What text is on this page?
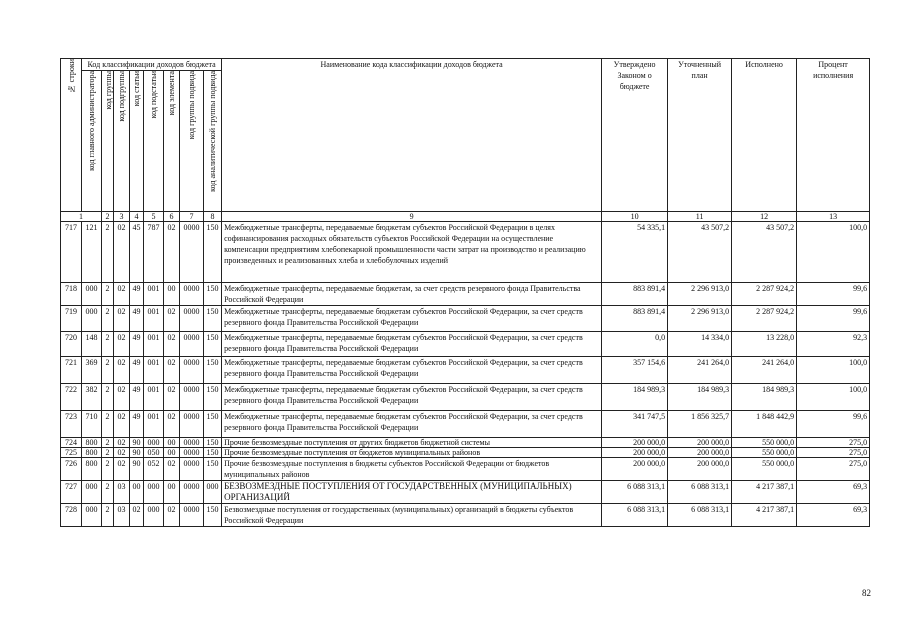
№ строки	Код классификации доходов бюджета								Наименование кода классификации доходов бюджета	Утверждено Законом о бюджете	Уточненный план	Исполнено	Процент исполнения

	код главного администратора	код группы	код подгруппы	код статьи	код подстатьи	код элемента	код группы подвида	код аналитической группы подвида					

1		2	3	4	5	6	7	8	9	10	11	12	13
717	121	2	02	45	787	02	0000	150	Межбюджетные трансферты, передаваемые бюджетам субъектов Российской Федерации в целях софинансирования расходных обязательств субъектов Российской Федерации на осуществление компенсации предприятиям хлебопекарной промышленности части затрат на производство и реализацию произведенных и реализованных хлеба и хлебобулочных изделий	54 335,1	43 507,2	43 507,2	100,0
718	000	2	02	49	001	00	0000	150	Межбюджетные трансферты, передаваемые бюджетам, за счет средств резервного фонда Правительства Российской Федерации	883 891,4	2 296 913,0	2 287 924,2	99,6
719	000	2	02	49	001	02	0000	150	Межбюджетные трансферты, передаваемые бюджетам субъектов Российской Федерации, за счет средств резервного фонда Правительства Российской Федерации	883 891,4	2 296 913,0	2 287 924,2	99,6
720	148	2	02	49	001	02	0000	150	Межбюджетные трансферты, передаваемые бюджетам субъектов Российской Федерации, за счет средств резервного фонда Правительства Российской Федерации	0,0	14 334,0	13 228,0	92,3
721	369	2	02	49	001	02	0000	150	Межбюджетные трансферты, передаваемые бюджетам субъектов Российской Федерации, за счет средств резервного фонда Правительства Российской Федерации	357 154,6	241 264,0	241 264,0	100,0
722	382	2	02	49	001	02	0000	150	Межбюджетные трансферты, передаваемые бюджетам субъектов Российской Федерации, за счет средств резервного фонда Правительства Российской Федерации	184 989,3	184 989,3	184 989,3	100,0
723	710	2	02	49	001	02	0000	150	Межбюджетные трансферты, передаваемые бюджетам субъектов Российской Федерации, за счет средств резервного фонда Правительства Российской Федерации	341 747,5	1 856 325,7	1 848 442,9	99,6
724	800	2	02	90	000	00	0000	150	Прочие безвозмездные поступления от других бюджетов бюджетной системы	200 000,0	200 000,0	550 000,0	275,0
725	800	2	02	90	050	00	0000	150	Прочие безвозмездные поступления от бюджетов муниципальных районов	200 000,0	200 000,0	550 000,0	275,0
726	800	2	02	90	052	02	0000	150	Прочие безвозмездные поступления в бюджеты субъектов Российской Федерации от бюджетов муниципальных районов	200 000,0	200 000,0	550 000,0	275,0
727	000	2	03	00	000	00	0000	000	БЕЗВОЗМЕЗДНЫЕ ПОСТУПЛЕНИЯ ОТ ГОСУДАРСТВЕННЫХ (МУНИЦИПАЛЬНЫХ) ОРГАНИЗАЦИЙ	6 088 313,1	6 088 313,1	4 217 387,1	69,3
728	000	2	03	02	000	02	0000	150	Безвозмездные поступления от государственных (муниципальных) организаций в бюджеты субъектов Российской Федерации	6 088 313,1	6 088 313,1	4 217 387,1	69,3
82
